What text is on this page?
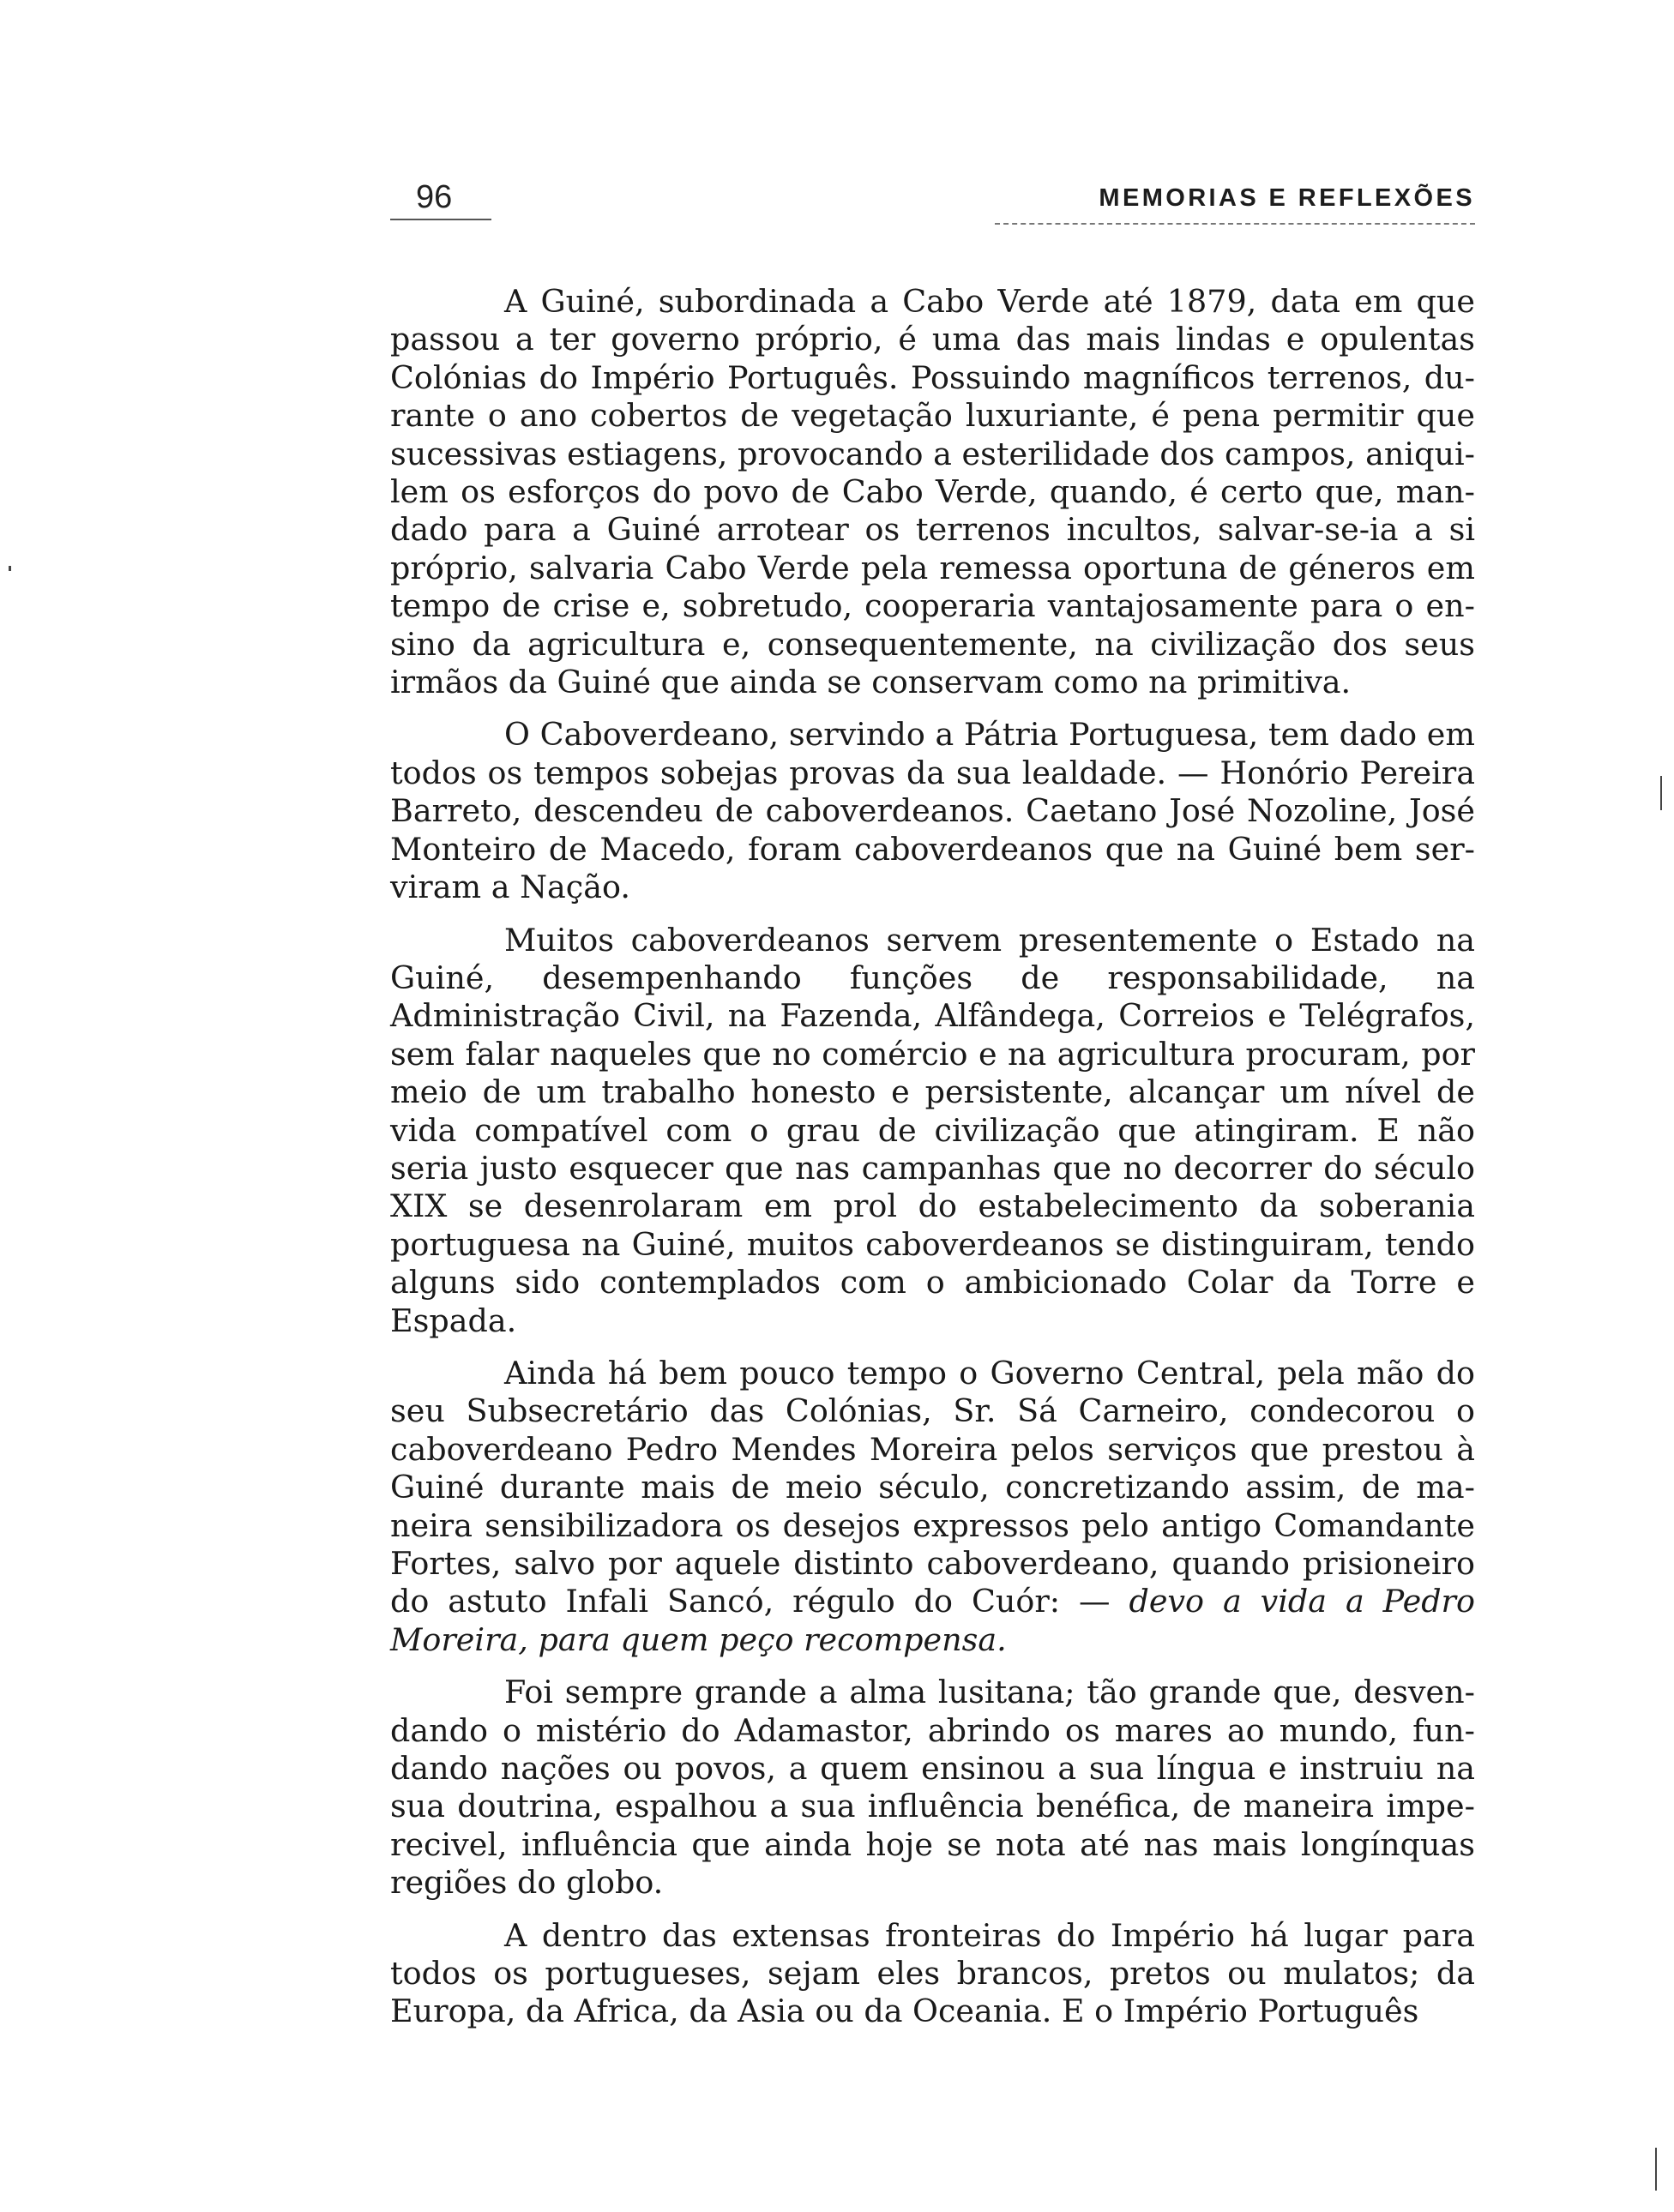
96	MEMORIAS E REFLEXÕES

A Guiné, subordinada a Cabo Verde até 1879, data em que passou a ter governo próprio, é uma das mais lindas e opulentas Colónias do Império Português. Possuindo magníficos terrenos, durante o ano cobertos de vegetação luxuriante, é pena permitir que sucessivas estiagens, provocando a esterilidade dos campos, aniquilem os esforços do povo de Cabo Verde, quando, é certo que, mandado para a Guiné arrotear os terrenos incultos, salvar-se-ia a si próprio, salvaria Cabo Verde pela remessa oportuna de géneros em tempo de crise e, sobretudo, cooperaria vantajosamente para o ensino da agricultura e, consequentemente, na civilização dos seus irmãos da Guiné que ainda se conservam como na primitiva.

O Caboverdeano, servindo a Pátria Portuguesa, tem dado em todos os tempos sobejas provas da sua lealdade. — Honório Pereira Barreto, descendeu de caboverdeanos. Caetano José Nozoline, José Monteiro de Macedo, foram caboverdeanos que na Guiné bem serviram a Nação.

Muitos caboverdeanos servem presentemente o Estado na Guiné, desempenhando funções de responsabilidade, na Administração Civil, na Fazenda, Alfândega, Correios e Telégrafos, sem falar naqueles que no comércio e na agricultura procuram, por meio de um trabalho honesto e persistente, alcançar um nível de vida compatível com o grau de civilização que atingiram. E não seria justo esquecer que nas campanhas que no decorrer do século XIX se desenrolaram em prol do estabelecimento da soberania portuguesa na Guiné, muitos caboverdeanos se distinguiram, tendo alguns sido contemplados com o ambicionado Colar da Torre e Espada.

Ainda há bem pouco tempo o Governo Central, pela mão do seu Subsecretário das Colónias, Sr. Sá Carneiro, condecorou o caboverdeano Pedro Mendes Moreira pelos serviços que prestou à Guiné durante mais de meio século, concretizando assim, de maneira sensibilizadora os desejos expressos pelo antigo Comandante Fortes, salvo por aquele distinto caboverdeano, quando prisioneiro do astuto Infali Sancó, régulo do Cuór: — devo a vida a Pedro Moreira, para quem peço recompensa.

Foi sempre grande a alma lusitana; tão grande que, desvendando o mistério do Adamastor, abrindo os mares ao mundo, fundando nações ou povos, a quem ensinou a sua língua e instruiu na sua doutrina, espalhou a sua influência benéfica, de maneira imperecivel, influência que ainda hoje se nota até nas mais longínquas regiões do globo.

A dentro das extensas fronteiras do Império há lugar para todos os portugueses, sejam eles brancos, pretos ou mulatos; da Europa, da Africa, da Asia ou da Oceania. E o Império Português
